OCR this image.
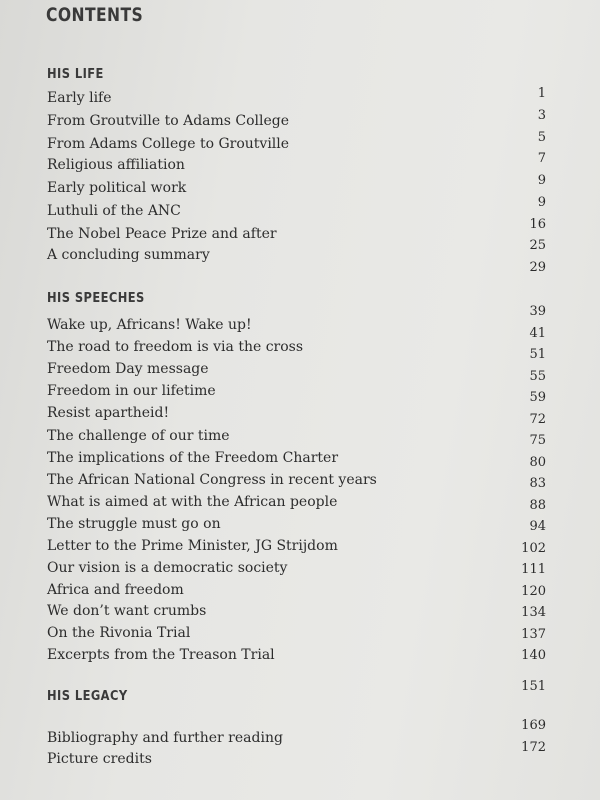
CONTENTS
HIS LIFE
Early life
From Groutville to Adams College
From Adams College to Groutville
Religious affiliation
Early political work
Luthuli of the ANC
The Nobel Peace Prize and after
A concluding summary
1
3
5
7
9
9
16
25
29
HIS SPEECHES
Wake up, Africans! Wake up!
The road to freedom is via the cross
Freedom Day message
Freedom in our lifetime
Resist apartheid!
The challenge of our time
The implications of the Freedom Charter
The African National Congress in recent years
What is aimed at with the African people
The struggle must go on
Letter to the Prime Minister, JG Strijdom
Our vision is a democratic society
Africa and freedom
We don’t want crumbs
On the Rivonia Trial
Excerpts from the Treason Trial
39
41
51
55
59
72
75
80
83
88
94
102
111
120
134
137
140
HIS LEGACY
151
Bibliography and further reading
Picture credits
169
172
